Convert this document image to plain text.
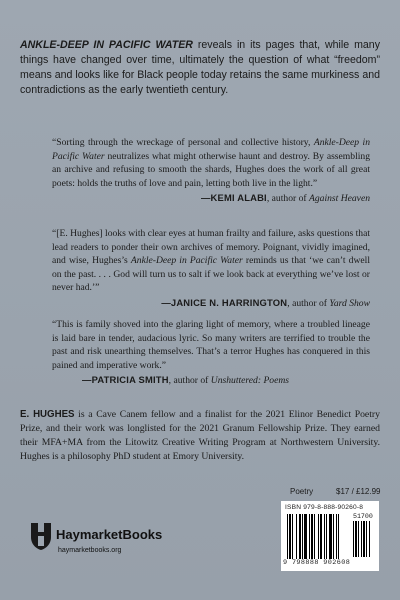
ANKLE-DEEP IN PACIFIC WATER reveals in its pages that, while many things have changed over time, ultimately the question of what “freedom” means and looks like for Black people today retains the same murkiness and contradictions as the early twentieth century.
“Sorting through the wreckage of personal and collective history, Ankle-Deep in Pacific Water neutralizes what might otherwise haunt and destroy. By assembling an archive and refusing to smooth the shards, Hughes does the work of all great poets: holds the truths of love and pain, letting both live in the light.”
—KEMI ALABI, author of Against Heaven
“[E. Hughes] looks with clear eyes at human frailty and failure, asks questions that lead readers to ponder their own archives of memory. Poignant, vividly imagined, and wise, Hughes’s Ankle-Deep in Pacific Water reminds us that ‘we can’t dwell on the past. . . . God will turn us to salt if we look back at everything we’ve lost or never had.’”
—JANICE N. HARRINGTON, author of Yard Show
“This is family shoved into the glaring light of memory, where a troubled lineage is laid bare in tender, audacious lyric. So many writers are terrified to trouble the past and risk unearthing themselves. That’s a terror Hughes has conquered in this pained and imperative work.”
—PATRICIA SMITH, author of Unshuttered: Poems
E. HUGHES is a Cave Canem fellow and a finalist for the 2021 Elinor Benedict Poetry Prize, and their work was longlisted for the 2021 Granum Fellowship Prize. They earned their MFA+MA from the Litowitz Creative Writing Program at Northwestern University. Hughes is a philosophy PhD student at Emory University.
Poetry	$17 / £12.99
ISBN 979-8-888-90260-8
51700
9 798888 902608
HaymarketBooks
haymarketbooks.org
